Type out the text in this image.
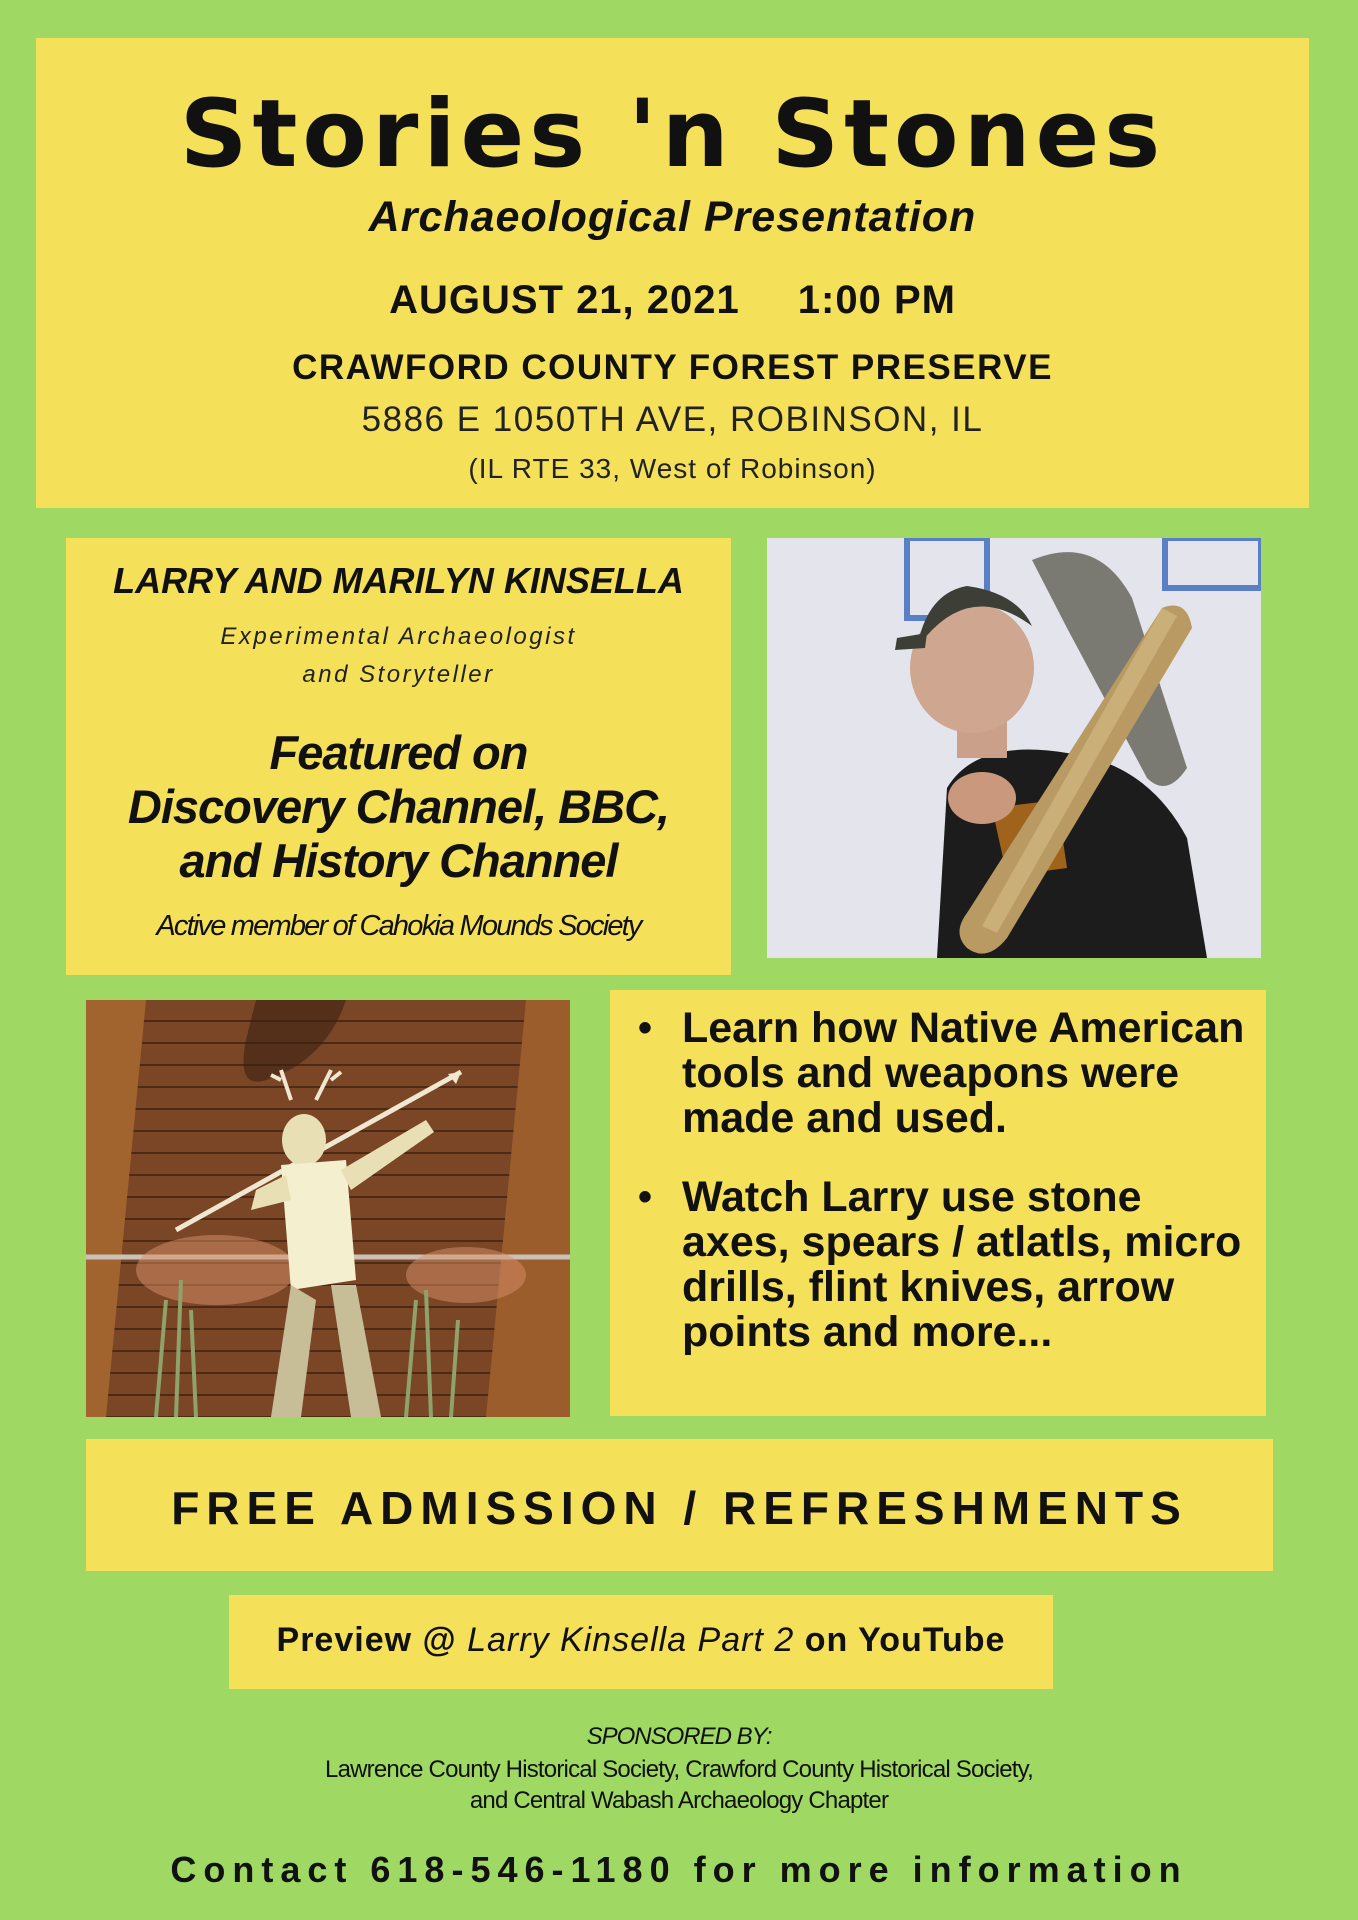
Stories 'n Stones
Archaeological Presentation
AUGUST 21, 2021 1:00 PM
CRAWFORD COUNTY FOREST PRESERVE
5886 E 1050TH AVE, ROBINSON, IL
(IL RTE 33, West of Robinson)
LARRY AND MARILYN KINSELLA
Experimental Archaeologist
and Storyteller
Featured on
Discovery Channel, BBC,
and History Channel
Active member of Cahokia Mounds Society
• Learn how Native American tools and weapons were made and used.
• Watch Larry use stone axes, spears / atlatls, micro drills, flint knives, arrow points and more...
FREE ADMISSION / REFRESHMENTS
Preview @ Larry Kinsella Part 2 on YouTube
SPONSORED BY:
Lawrence County Historical Society, Crawford County Historical Society,
and Central Wabash Archaeology Chapter
Contact 618-546-1180 for more information
